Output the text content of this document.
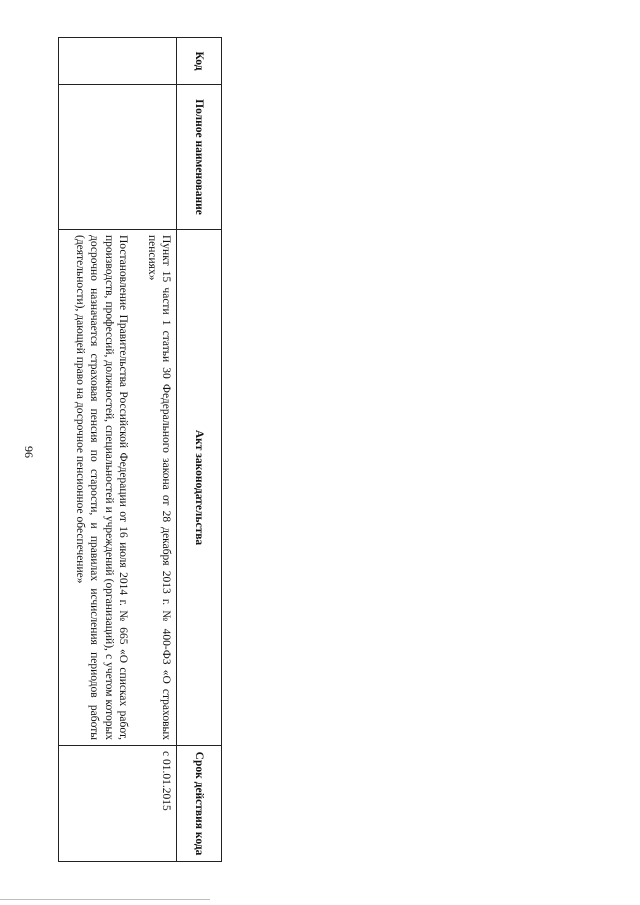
96
Код	Полное наименование	Акт законодательства	Срок действия кода

		Пункт 15 части 1 статьи 30 Федерального закона от 28 декабря 2013 г. № 400-ФЗ «О страховых пенсиях»

Постановление Правительства Российской Федерации от 16 июля 2014 г. № 665 «О списках работ, производств, профессий, должностей, специальностей и учреждений (организаций), с учетом которых досрочно назначается страховая пенсия по старости, и правилах исчисления периодов работы (деятельности), дающей право на досрочное пенсионное обеспечение»	с 01.01.2015
